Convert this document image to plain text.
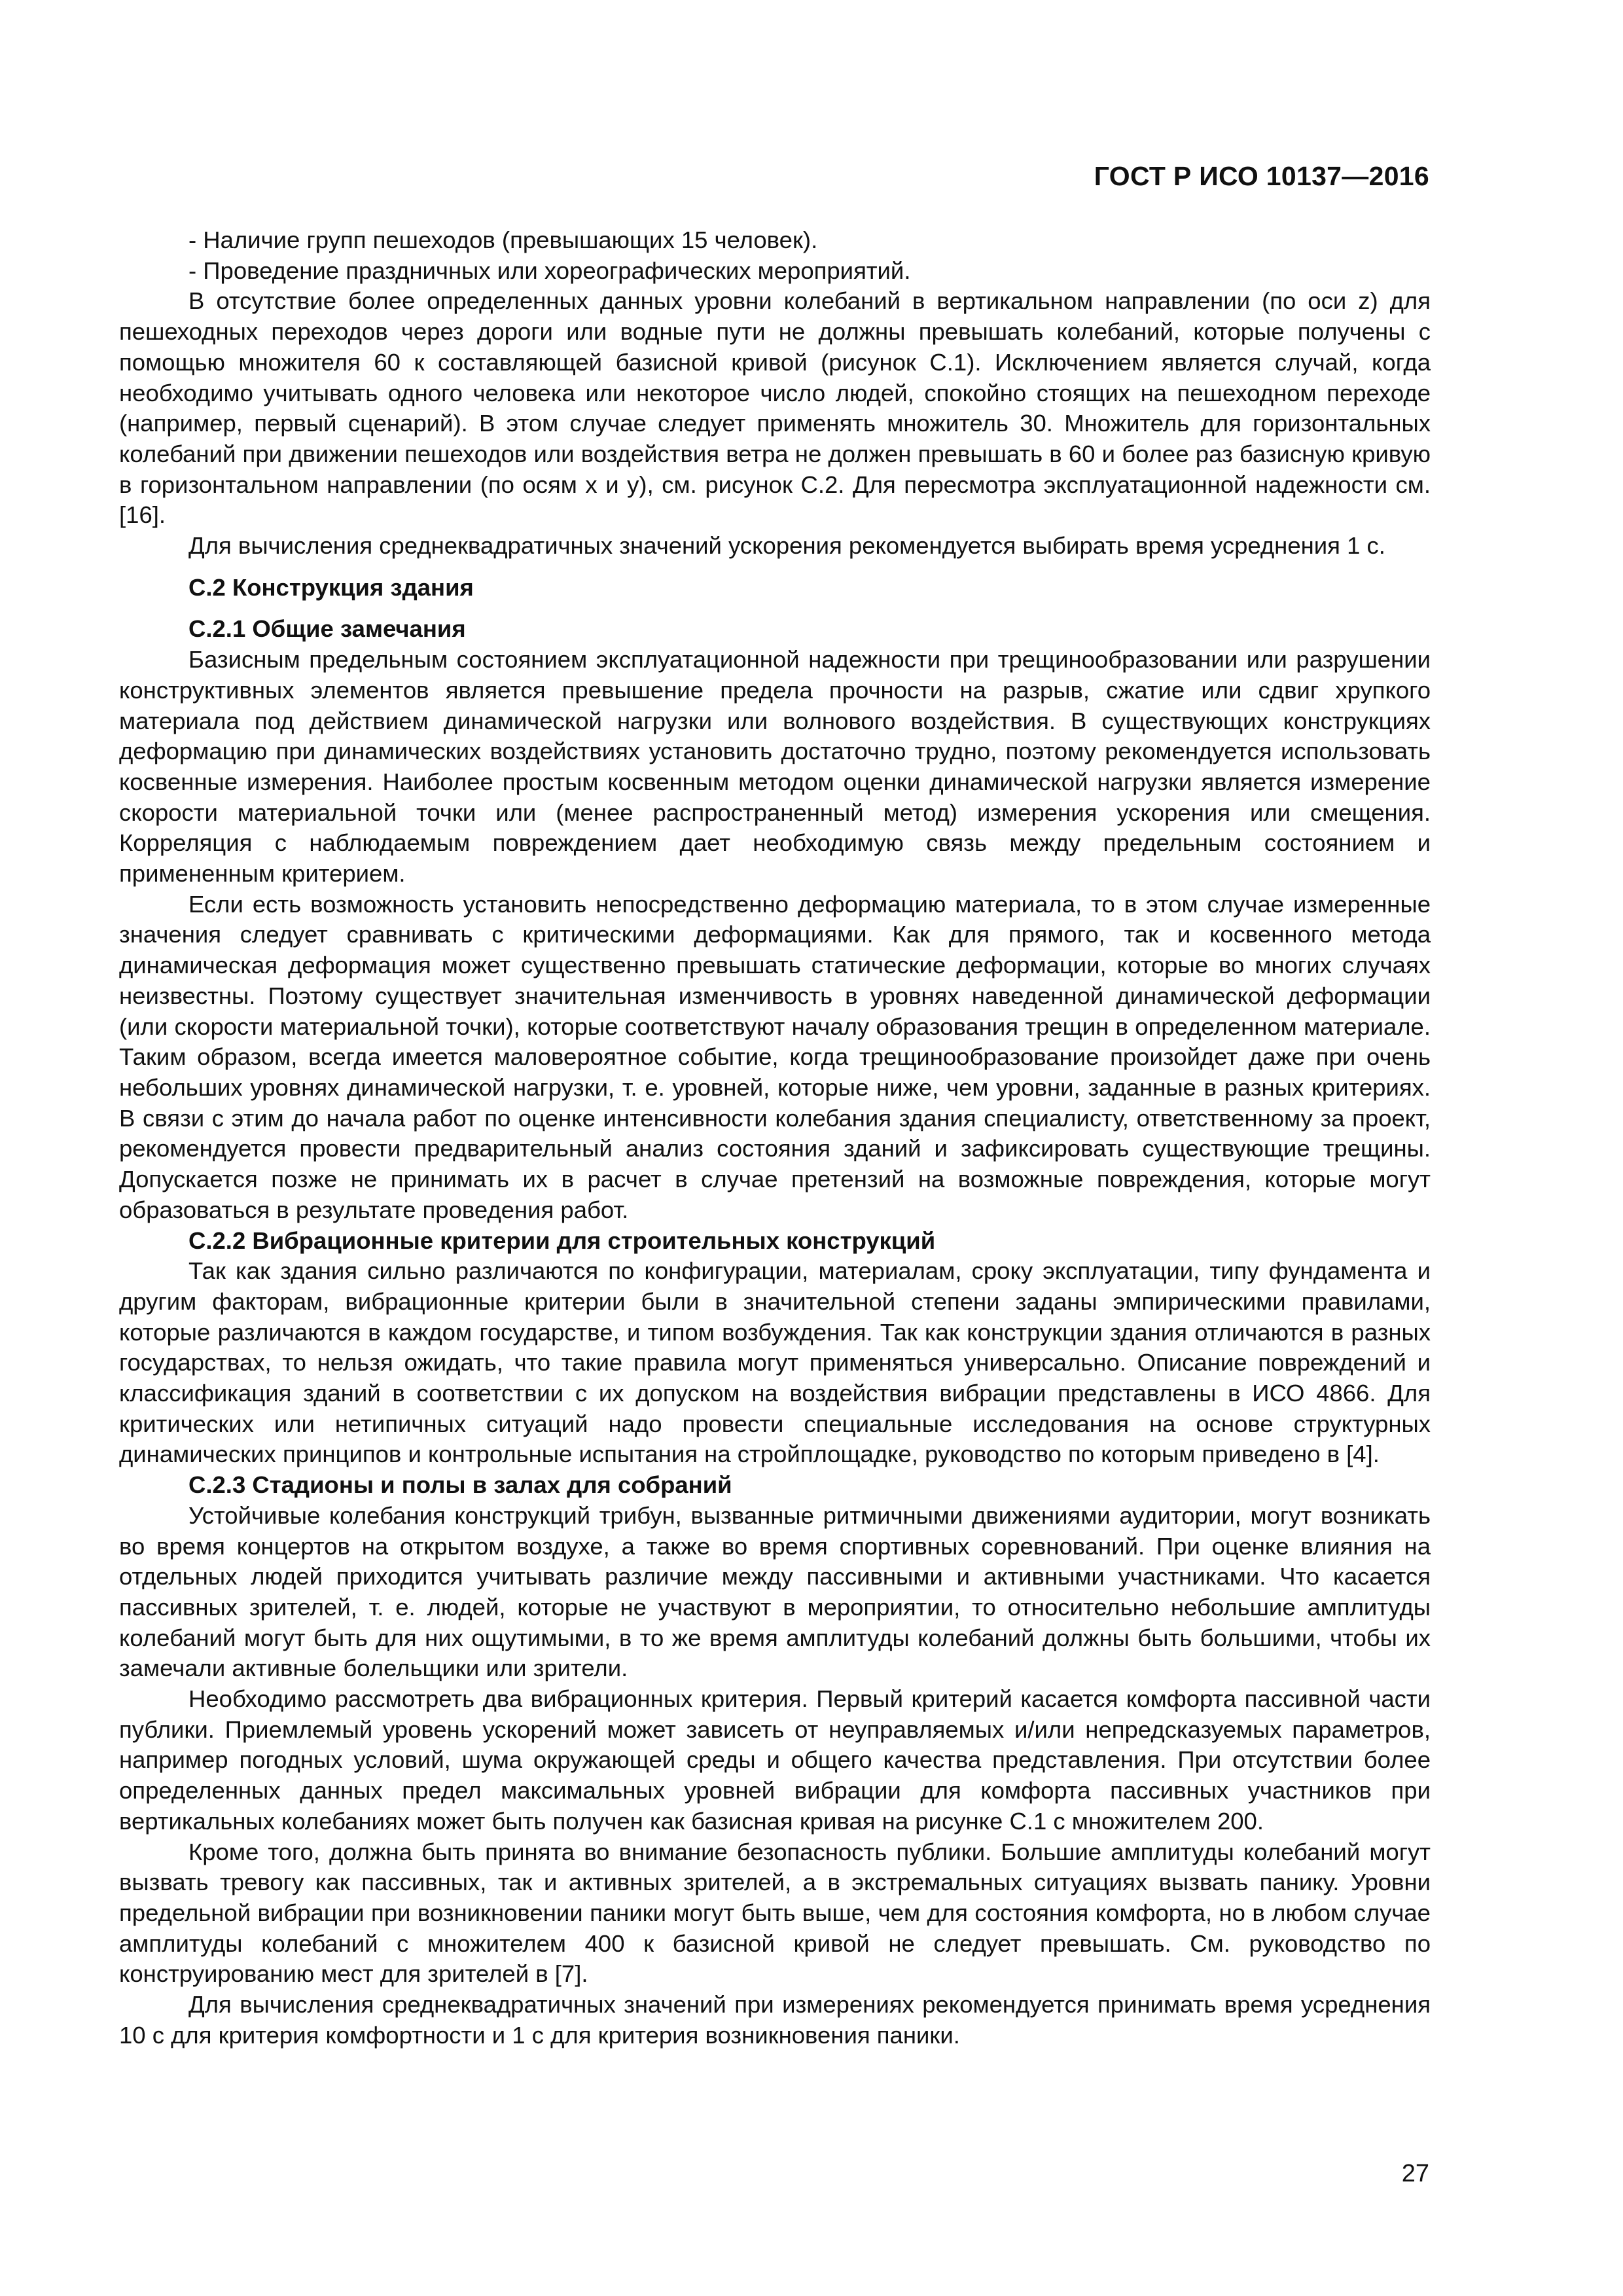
ГОСТ Р ИСО 10137—2016

- Наличие групп пешеходов (превышающих 15 человек).

- Проведение праздничных или хореографических мероприятий.

В отсутствие более определенных данных уровни колебаний в вертикальном направлении (по оси z) для пешеходных переходов через дороги или водные пути не должны превышать колебаний, которые получены с помощью множителя 60 к составляющей базисной кривой (рисунок С.1). Исключением является случай, когда необходимо учитывать одного человека или некоторое число людей, спокойно стоящих на пешеходном переходе (например, первый сценарий). В этом случае следует применять множитель 30. Множитель для горизонтальных колебаний при движении пешеходов или воздействия ветра не должен превышать в 60 и более раз базисную кривую в горизонтальном направлении (по осям x и y), см. рисунок С.2. Для пересмотра эксплуатационной надежности см. [16].

Для вычисления среднеквадратичных значений ускорения рекомендуется выбирать время усреднения 1 с.

С.2 Конструкция здания
С.2.1 Общие замечания

Базисным предельным состоянием эксплуатационной надежности при трещинообразовании или разрушении конструктивных элементов является превышение предела прочности на разрыв, сжатие или сдвиг хрупкого материала под действием динамической нагрузки или волнового воздействия. В существующих конструкциях деформацию при динамических воздействиях установить достаточно трудно, поэтому рекомендуется использовать косвенные измерения. Наиболее простым косвенным методом оценки динамической нагрузки является измерение скорости материальной точки или (менее распространенный метод) измерения ускорения или смещения. Корреляция с наблюдаемым повреждением дает необходимую связь между предельным состоянием и примененным критерием.

Если есть возможность установить непосредственно деформацию материала, то в этом случае измеренные значения следует сравнивать с критическими деформациями. Как для прямого, так и косвенного метода динамическая деформация может существенно превышать статические деформации, которые во многих случаях неизвестны. Поэтому существует значительная изменчивость в уровнях наведенной динамической деформации (или скорости материальной точки), которые соответствуют началу образования трещин в определенном материале. Таким образом, всегда имеется маловероятное событие, когда трещинообразование произойдет даже при очень небольших уровнях динамической нагрузки, т. е. уровней, которые ниже, чем уровни, заданные в разных критериях. В связи с этим до начала работ по оценке интенсивности колебания здания специалисту, ответственному за проект, рекомендуется провести предварительный анализ состояния зданий и зафиксировать существующие трещины. Допускается позже не принимать их в расчет в случае претензий на возможные повреждения, которые могут образоваться в результате проведения работ.

С.2.2 Вибрационные критерии для строительных конструкций

Так как здания сильно различаются по конфигурации, материалам, сроку эксплуатации, типу фундамента и другим факторам, вибрационные критерии были в значительной степени заданы эмпирическими правилами, которые различаются в каждом государстве, и типом возбуждения. Так как конструкции здания отличаются в разных государствах, то нельзя ожидать, что такие правила могут применяться универсально. Описание повреждений и классификация зданий в соответствии с их допуском на воздействия вибрации представлены в ИСО 4866. Для критических или нетипичных ситуаций надо провести специальные исследования на основе структурных динамических принципов и контрольные испытания на стройплощадке, руководство по которым приведено в [4].

С.2.3 Стадионы и полы в залах для собраний

Устойчивые колебания конструкций трибун, вызванные ритмичными движениями аудитории, могут возникать во время концертов на открытом воздухе, а также во время спортивных соревнований. При оценке влияния на отдельных людей приходится учитывать различие между пассивными и активными участниками. Что касается пассивных зрителей, т. е. людей, которые не участвуют в мероприятии, то относительно небольшие амплитуды колебаний могут быть для них ощутимыми, в то же время амплитуды колебаний должны быть большими, чтобы их замечали активные болельщики или зрители.

Необходимо рассмотреть два вибрационных критерия. Первый критерий касается комфорта пассивной части публики. Приемлемый уровень ускорений может зависеть от неуправляемых и/или непредсказуемых параметров, например погодных условий, шума окружающей среды и общего качества представления. При отсутствии более определенных данных предел максимальных уровней вибрации для комфорта пассивных участников при вертикальных колебаниях может быть получен как базисная кривая на рисунке С.1 с множителем 200.

Кроме того, должна быть принята во внимание безопасность публики. Большие амплитуды колебаний могут вызвать тревогу как пассивных, так и активных зрителей, а в экстремальных ситуациях вызвать панику. Уровни предельной вибрации при возникновении паники могут быть выше, чем для состояния комфорта, но в любом случае амплитуды колебаний с множителем 400 к базисной кривой не следует превышать. См. руководство по конструированию мест для зрителей в [7].

Для вычисления среднеквадратичных значений при измерениях рекомендуется принимать время усреднения 10 с для критерия комфортности и 1 с для критерия возникновения паники.

27
